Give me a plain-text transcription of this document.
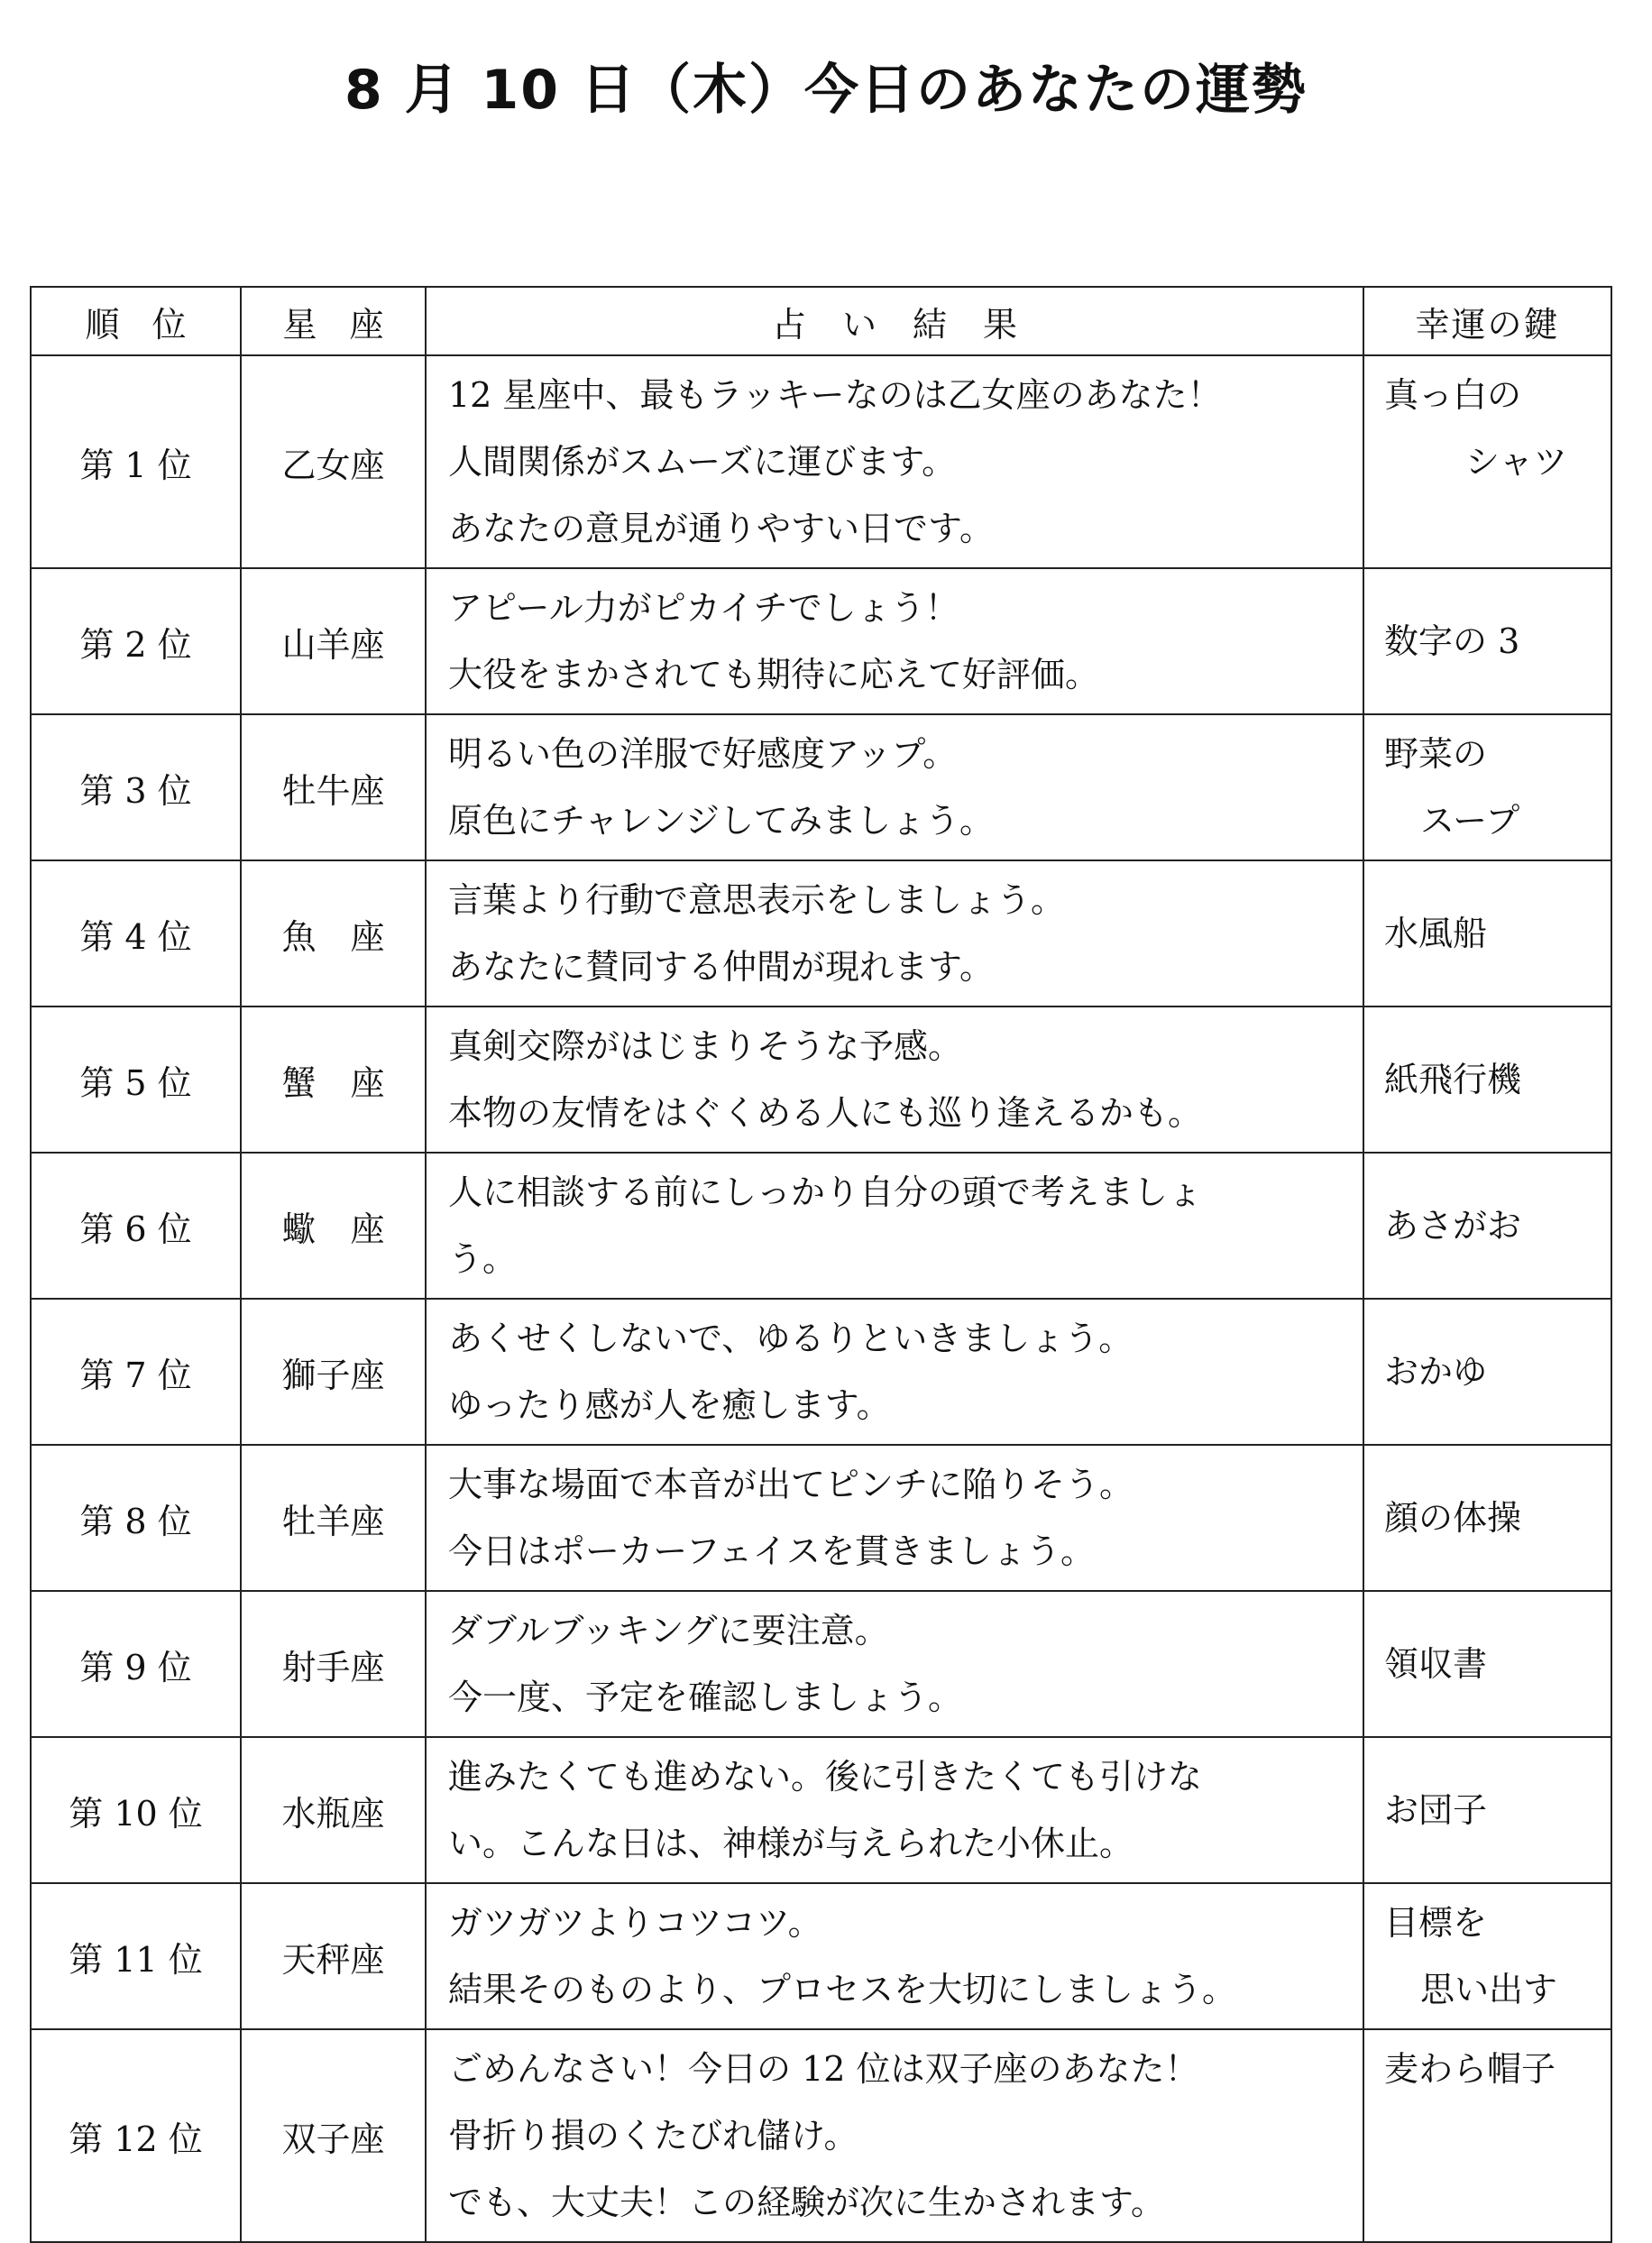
8 月 10 日（木）今日のあなたの運勢
順位	星座	占い結果	幸運の鍵
第 1 位	乙女座	12 星座中、最もラッキーなのは乙女座のあなた！
人間関係がスムーズに運びます。
あなたの意見が通りやすい日です。	真っ白の
シャツ

第 2 位	山羊座	アピール力がピカイチでしょう！
大役をまかされても期待に応えて好評価。	数字の 3

第 3 位	牡牛座	明るい色の洋服で好感度アップ。
原色にチャレンジしてみましょう。	野菜の
スープ

第 4 位	魚　座	言葉より行動で意思表示をしましょう。
あなたに賛同する仲間が現れます。	水風船

第 5 位	蟹　座	真剣交際がはじまりそうな予感。
本物の友情をはぐくめる人にも巡り逢えるかも。	紙飛行機

第 6 位	蠍　座	人に相談する前にしっかり自分の頭で考えましょ
う。	あさがお

第 7 位	獅子座	あくせくしないで、ゆるりといきましょう。
ゆったり感が人を癒します。	おかゆ

第 8 位	牡羊座	大事な場面で本音が出てピンチに陥りそう。
今日はポーカーフェイスを貫きましょう。	顔の体操

第 9 位	射手座	ダブルブッキングに要注意。
今一度、予定を確認しましょう。	領収書

第 10 位	水瓶座	進みたくても進めない。後に引きたくても引けな
い。こんな日は、神様が与えられた小休止。	お団子

第 11 位	天秤座	ガツガツよりコツコツ。
結果そのものより、プロセスを大切にしましょう。	目標を
思い出す

第 12 位	双子座	ごめんなさい！今日の 12 位は双子座のあなた！
骨折り損のくたびれ儲け。
でも、大丈夫！この経験が次に生かされます。	麦わら帽子
